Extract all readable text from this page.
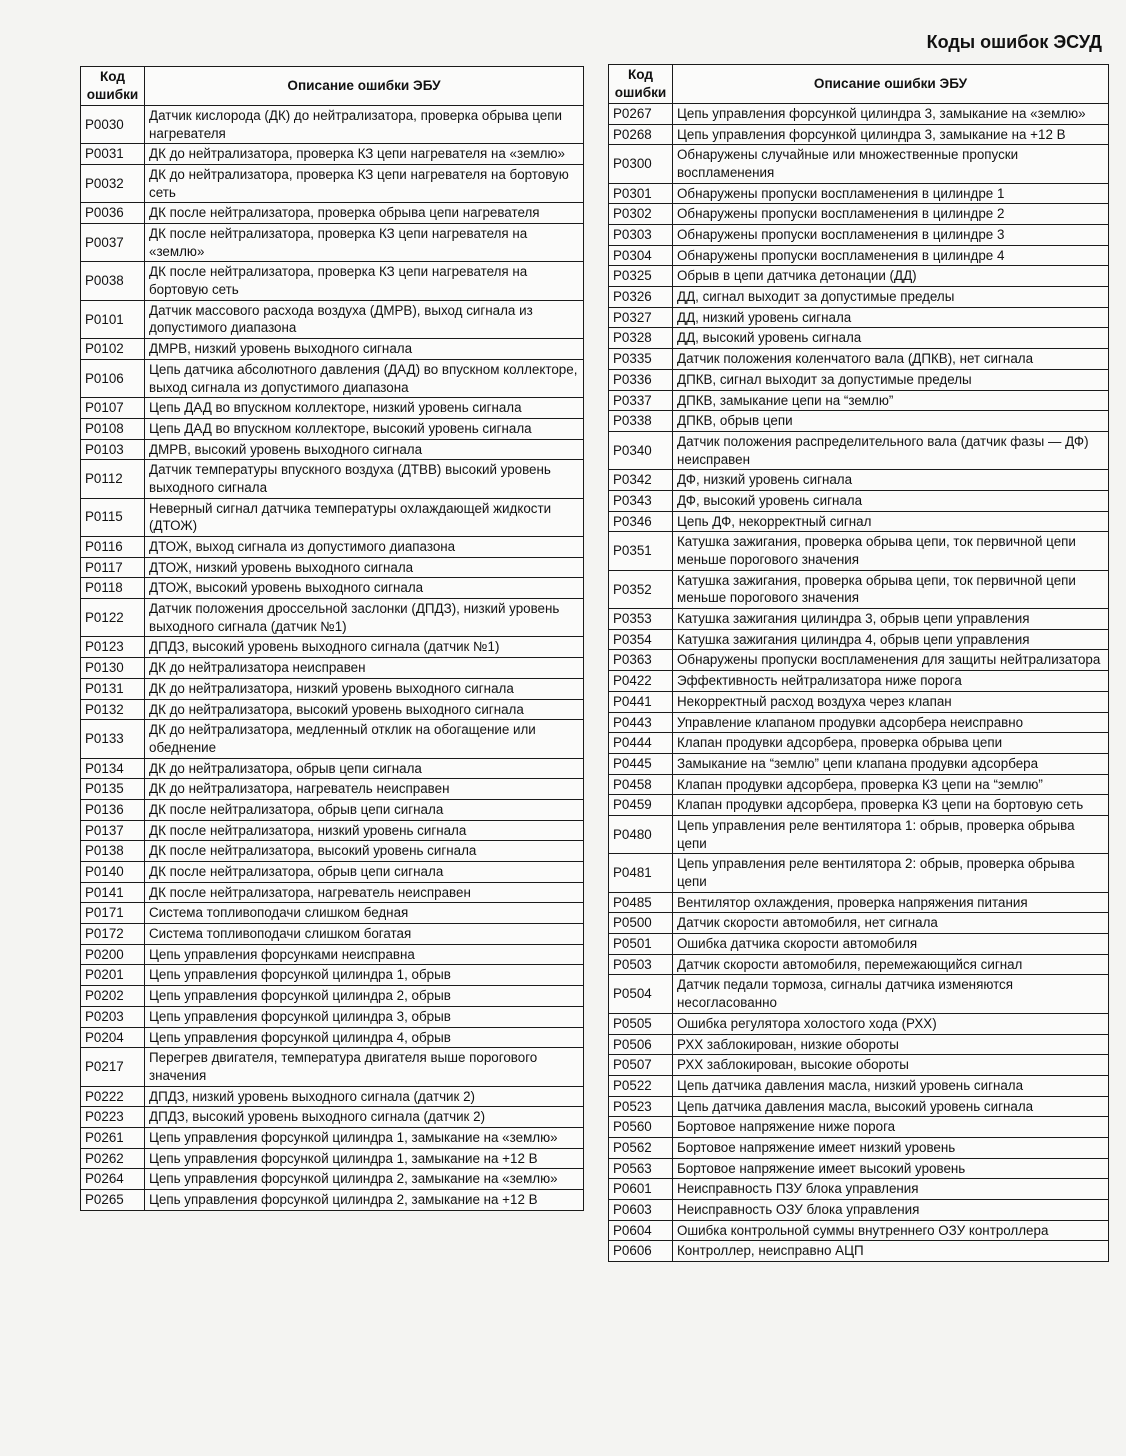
Коды ошибок ЭСУД
Код ошибки	Описание ошибки ЭБУ
P0030	Датчик кислорода (ДК) до нейтрализатора, проверка обрыва цепи нагревателя
P0031	ДК до нейтрализатора, проверка КЗ цепи нагревателя на «землю»
P0032	ДК до нейтрализатора, проверка КЗ цепи нагревателя на бортовую сеть
P0036	ДК после нейтрализатора, проверка обрыва цепи нагревателя
P0037	ДК после нейтрализатора, проверка КЗ цепи нагревателя на «землю»
P0038	ДК после нейтрализатора, проверка КЗ цепи нагревателя на бортовую сеть
P0101	Датчик массового расхода воздуха (ДМРВ), выход сигнала из допустимого диапазона
P0102	ДМРВ, низкий уровень выходного сигнала
P0106	Цепь датчика абсолютного давления (ДАД) во впускном коллекторе, выход сигнала из допустимого диапазона
P0107	Цепь ДАД во впускном коллекторе, низкий уровень сигнала
P0108	Цепь ДАД во впускном коллекторе, высокий уровень сигнала
P0103	ДМРВ, высокий уровень выходного сигнала
P0112	Датчик температуры впускного воздуха (ДТВВ) высокий уровень выходного сигнала
P0115	Неверный сигнал датчика температуры охлаждающей жидкости (ДТОЖ)
P0116	ДТОЖ, выход сигнала из допустимого диапазона
P0117	ДТОЖ, низкий уровень выходного сигнала
P0118	ДТОЖ, высокий уровень выходного сигнала
P0122	Датчик положения дроссельной заслонки (ДПДЗ), низкий уровень выходного сигнала (датчик №1)
P0123	ДПДЗ, высокий уровень выходного сигнала (датчик №1)
P0130	ДК до нейтрализатора неисправен
P0131	ДК до нейтрализатора, низкий уровень выходного сигнала
P0132	ДК до нейтрализатора, высокий уровень выходного сигнала
P0133	ДК до нейтрализатора, медленный отклик на обогащение или обеднение
P0134	ДК до нейтрализатора, обрыв цепи сигнала
P0135	ДК до нейтрализатора, нагреватель неисправен
P0136	ДК после нейтрализатора, обрыв цепи сигнала
P0137	ДК после нейтрализатора, низкий уровень сигнала
P0138	ДК после нейтрализатора, высокий уровень сигнала
P0140	ДК после нейтрализатора, обрыв цепи сигнала
P0141	ДК после нейтрализатора, нагреватель неисправен
P0171	Система топливоподачи слишком бедная
P0172	Система топливоподачи слишком богатая
P0200	Цепь управления форсунками неисправна
P0201	Цепь управления форсункой цилиндра 1, обрыв
P0202	Цепь управления форсункой цилиндра 2, обрыв
P0203	Цепь управления форсункой цилиндра 3, обрыв
P0204	Цепь управления форсункой цилиндра 4, обрыв
P0217	Перегрев двигателя, температура двигателя выше порогового значения
P0222	ДПДЗ, низкий уровень выходного сигнала (датчик 2)
P0223	ДПДЗ, высокий уровень выходного сигнала (датчик 2)
P0261	Цепь управления форсункой цилиндра 1, замыкание на «землю»
P0262	Цепь управления форсункой цилиндра 1, замыкание на +12 В
P0264	Цепь управления форсункой цилиндра 2, замыкание на «землю»
P0265	Цепь управления форсункой цилиндра 2, замыкание на +12 В
Код ошибки	Описание ошибки ЭБУ
P0267	Цепь управления форсункой цилиндра 3, замыкание на «землю»
P0268	Цепь управления форсункой цилиндра 3, замыкание на +12 В
P0300	Обнаружены случайные или множественные пропуски воспламенения
P0301	Обнаружены пропуски воспламенения в цилиндре 1
P0302	Обнаружены пропуски воспламенения в цилиндре 2
P0303	Обнаружены пропуски воспламенения в цилиндре 3
P0304	Обнаружены пропуски воспламенения в цилиндре 4
P0325	Обрыв в цепи датчика детонации (ДД)
P0326	ДД, сигнал выходит за допустимые пределы
P0327	ДД, низкий уровень сигнала
P0328	ДД, высокий уровень сигнала
P0335	Датчик положения коленчатого вала (ДПКВ), нет сигнала
P0336	ДПКВ, сигнал выходит за допустимые пределы
P0337	ДПКВ, замыкание цепи на “землю”
P0338	ДПКВ, обрыв цепи
P0340	Датчик положения распределительного вала (датчик фазы — ДФ) неисправен
P0342	ДФ, низкий уровень сигнала
P0343	ДФ, высокий уровень сигнала
P0346	Цепь ДФ, некорректный сигнал
P0351	Катушка зажигания, проверка обрыва цепи, ток первичной цепи меньше порогового значения
P0352	Катушка зажигания, проверка обрыва цепи, ток первичной цепи меньше порогового значения
P0353	Катушка зажигания цилиндра 3, обрыв цепи управления
P0354	Катушка зажигания цилиндра 4, обрыв цепи управления
P0363	Обнаружены пропуски воспламенения для защиты нейтрализатора
P0422	Эффективность нейтрализатора ниже порога
P0441	Некорректный расход воздуха через клапан
P0443	Управление клапаном продувки адсорбера неисправно
P0444	Клапан продувки адсорбера, проверка обрыва цепи
P0445	Замыкание на “землю” цепи клапана продувки адсорбера
P0458	Клапан продувки адсорбера, проверка КЗ цепи на “землю”
P0459	Клапан продувки адсорбера, проверка КЗ цепи на бортовую сеть
P0480	Цепь управления реле вентилятора 1: обрыв, проверка обрыва цепи
P0481	Цепь управления реле вентилятора 2: обрыв, проверка обрыва цепи
P0485	Вентилятор охлаждения, проверка напряжения питания
P0500	Датчик скорости автомобиля, нет сигнала
P0501	Ошибка датчика скорости автомобиля
P0503	Датчик скорости автомобиля, перемежающийся сигнал
P0504	Датчик педали тормоза, сигналы датчика изменяются несогласованно
P0505	Ошибка регулятора холостого хода (РХХ)
P0506	РХХ заблокирован, низкие обороты
P0507	РХХ заблокирован, высокие обороты
P0522	Цепь датчика давления масла, низкий уровень сигнала
P0523	Цепь датчика давления масла, высокий уровень сигнала
P0560	Бортовое напряжение ниже порога
P0562	Бортовое напряжение имеет низкий уровень
P0563	Бортовое напряжение имеет высокий уровень
P0601	Неисправность ПЗУ блока управления
P0603	Неисправность ОЗУ блока управления
P0604	Ошибка контрольной суммы внутреннего ОЗУ контроллера
P0606	Контроллер, неисправно АЦП
